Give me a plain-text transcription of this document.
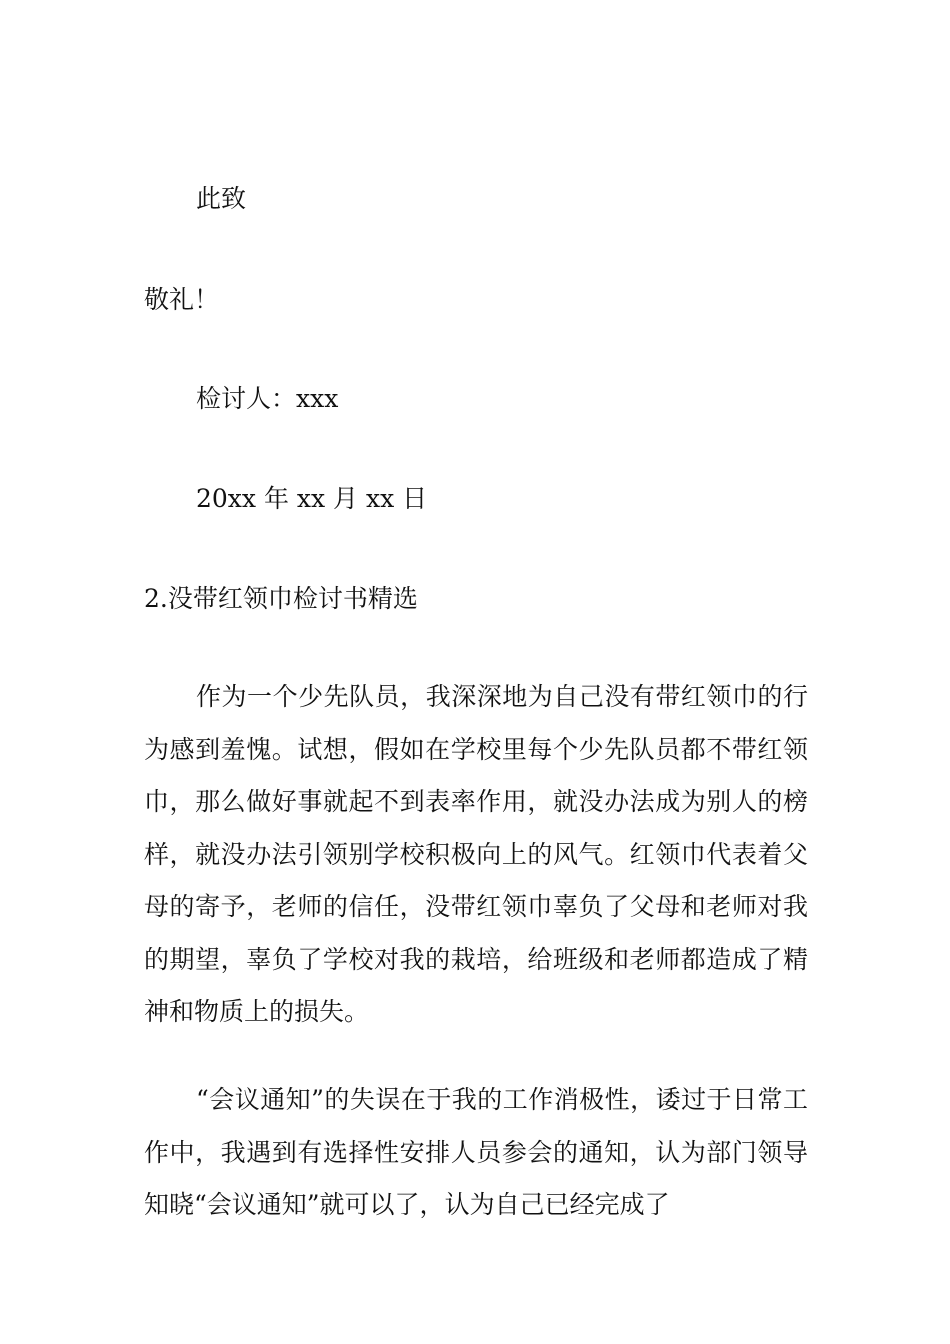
此致
敬礼！
检讨人：xxx
20xx 年 xx 月 xx 日
2.没带红领巾检讨书精选

作为一个少先队员，我深深地为自己没有带红领巾的行为感到羞愧。试想，假如在学校里每个少先队员都不带红领巾，那么做好事就起不到表率作用，就没办法成为别人的榜样，就没办法引领别学校积极向上的风气。红领巾代表着父母的寄予，老师的信任，没带红领巾辜负了父母和老师对我的期望，辜负了学校对我的栽培，给班级和老师都造成了精神和物质上的损失。

“会议通知”的失误在于我的工作消极性，诿过于日常工作中，我遇到有选择性安排人员参会的通知，认为部门领导知晓“会议通知”就可以了，认为自己已经完成了
